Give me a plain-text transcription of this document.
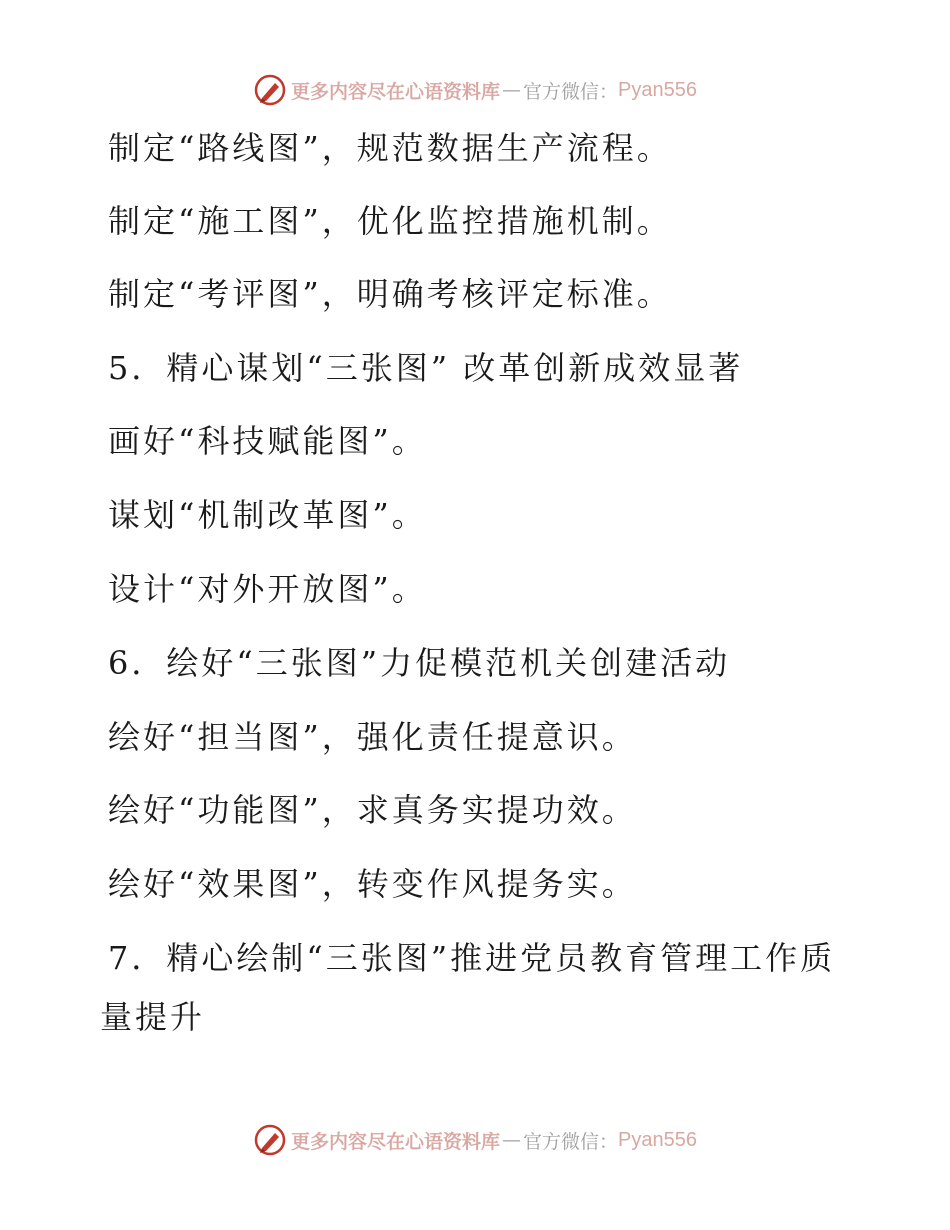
更多内容尽在心语资料库 — 官方微信： Pyan556
制定“路线图”，规范数据生产流程。
制定“施工图”，优化监控措施机制。
制定“考评图”，明确考核评定标准。
5．精心谋划“三张图” 改革创新成效显著
画好“科技赋能图”。
谋划“机制改革图”。
设计“对外开放图”。
6．绘好“三张图”力促模范机关创建活动
绘好“担当图”，强化责任提意识。
绘好“功能图”，求真务实提功效。
绘好“效果图”，转变作风提务实。
7．精心绘制“三张图”推进党员教育管理工作质
量提升
更多内容尽在心语资料库 — 官方微信： Pyan556
